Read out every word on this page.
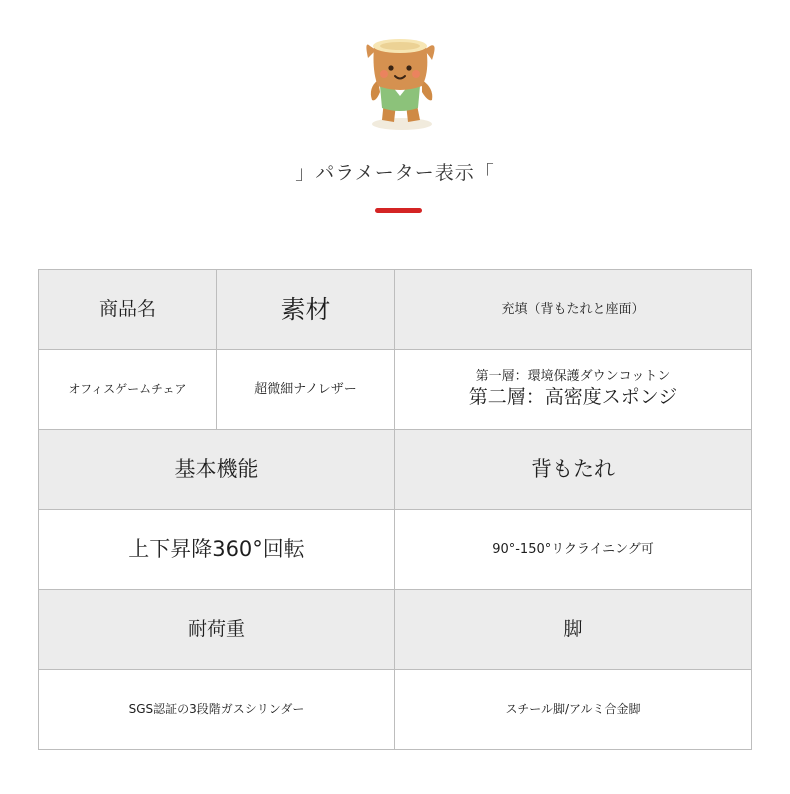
」パラメーター表示「
商品名	素材	充填（背もたれと座面）
オフィスゲームチェア	超微細ナノレザー	第一層：環境保護ダウンコットン
第二層：高密度スポンジ

基本機能		背もたれ
上下昇降360°回転		90°-150°リクライニング可
耐荷重		脚
SGS認証の3段階ガスシリンダー		スチール脚/アルミ合金脚
